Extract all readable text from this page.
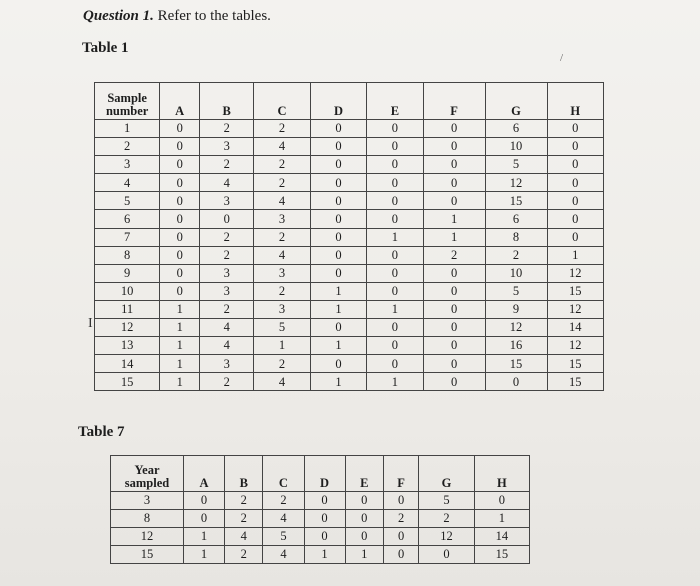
Question 1. Refer to the tables.
Table 1
/
Sample
number	A	B	C	D	E	F	G	H
1	0	2	2	0	0	0	6	0
2	0	3	4	0	0	0	10	0
3	0	2	2	0	0	0	5	0
4	0	4	2	0	0	0	12	0
5	0	3	4	0	0	0	15	0
6	0	0	3	0	0	1	6	0
7	0	2	2	0	1	1	8	0
8	0	2	4	0	0	2	2	1
9	0	3	3	0	0	0	10	12
10	0	3	2	1	0	0	5	15
11	1	2	3	1	1	0	9	12
12	1	4	5	0	0	0	12	14
13	1	4	1	1	0	0	16	12
14	1	3	2	0	0	0	15	15
15	1	2	4	1	1	0	0	15
I
Table 7
Year
sampled	A	B	C	D	E	F	G	H
3	0	2	2	0	0	0	5	0
8	0	2	4	0	0	2	2	1
12	1	4	5	0	0	0	12	14
15	1	2	4	1	1	0	0	15
